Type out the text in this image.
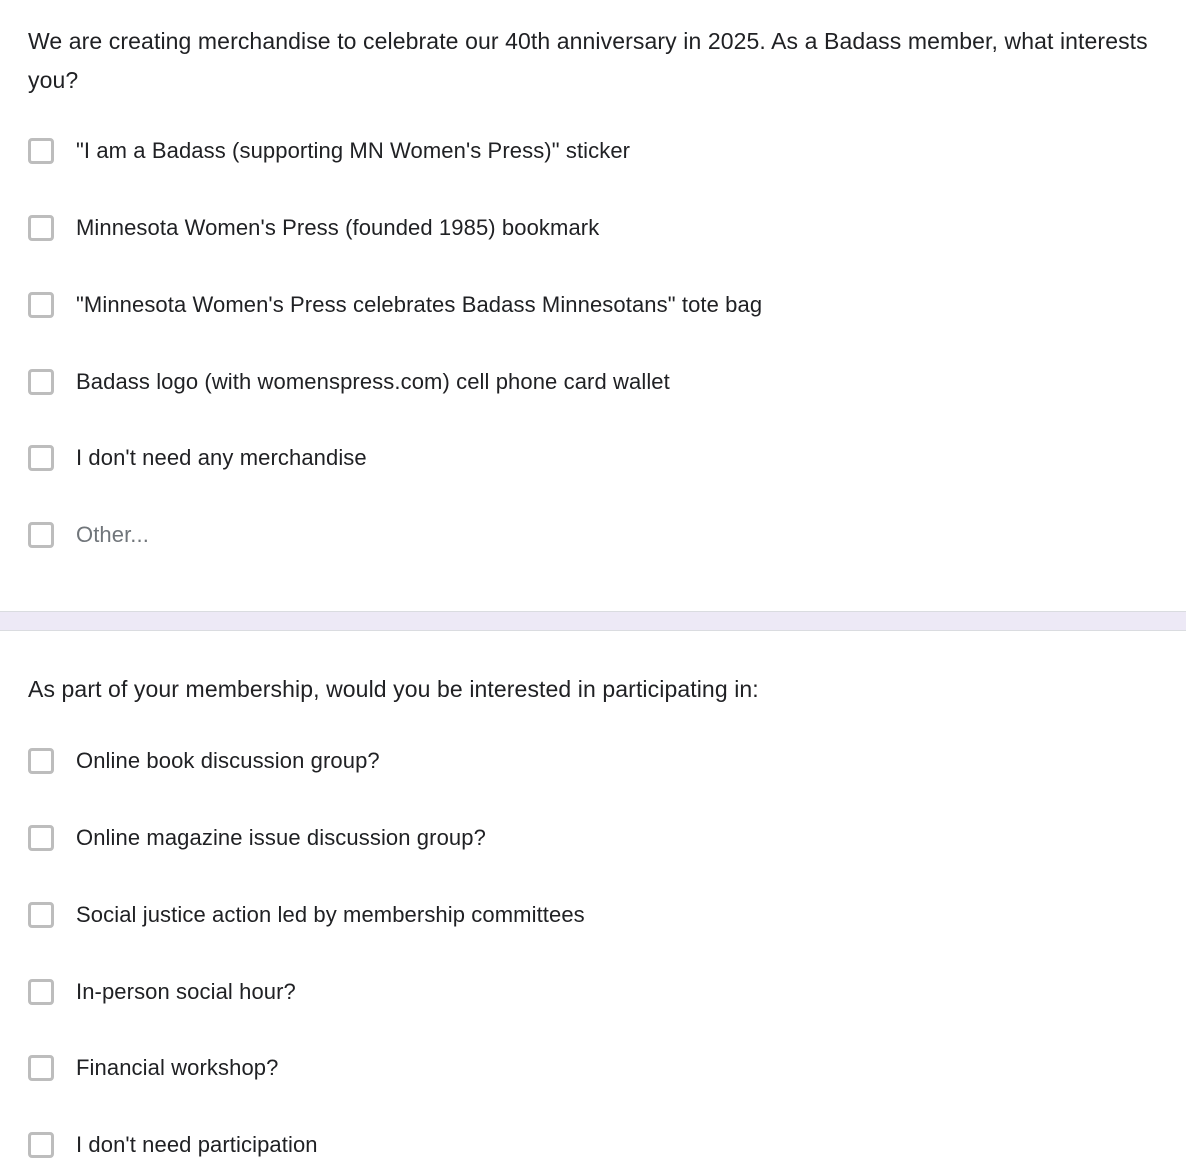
We are creating merchandise to celebrate our 40th anniversary in 2025. As a Badass member, what interests you?
"I am a Badass (supporting MN Women's Press)" sticker
Minnesota Women's Press (founded 1985) bookmark
"Minnesota Women's Press celebrates Badass Minnesotans" tote bag
Badass logo (with womenspress.com) cell phone card wallet
I don't need any merchandise
Other...
As part of your membership, would you be interested in participating in:
Online book discussion group?
Online magazine issue discussion group?
Social justice action led by membership committees
In-person social hour?
Financial workshop?
I don't need participation
